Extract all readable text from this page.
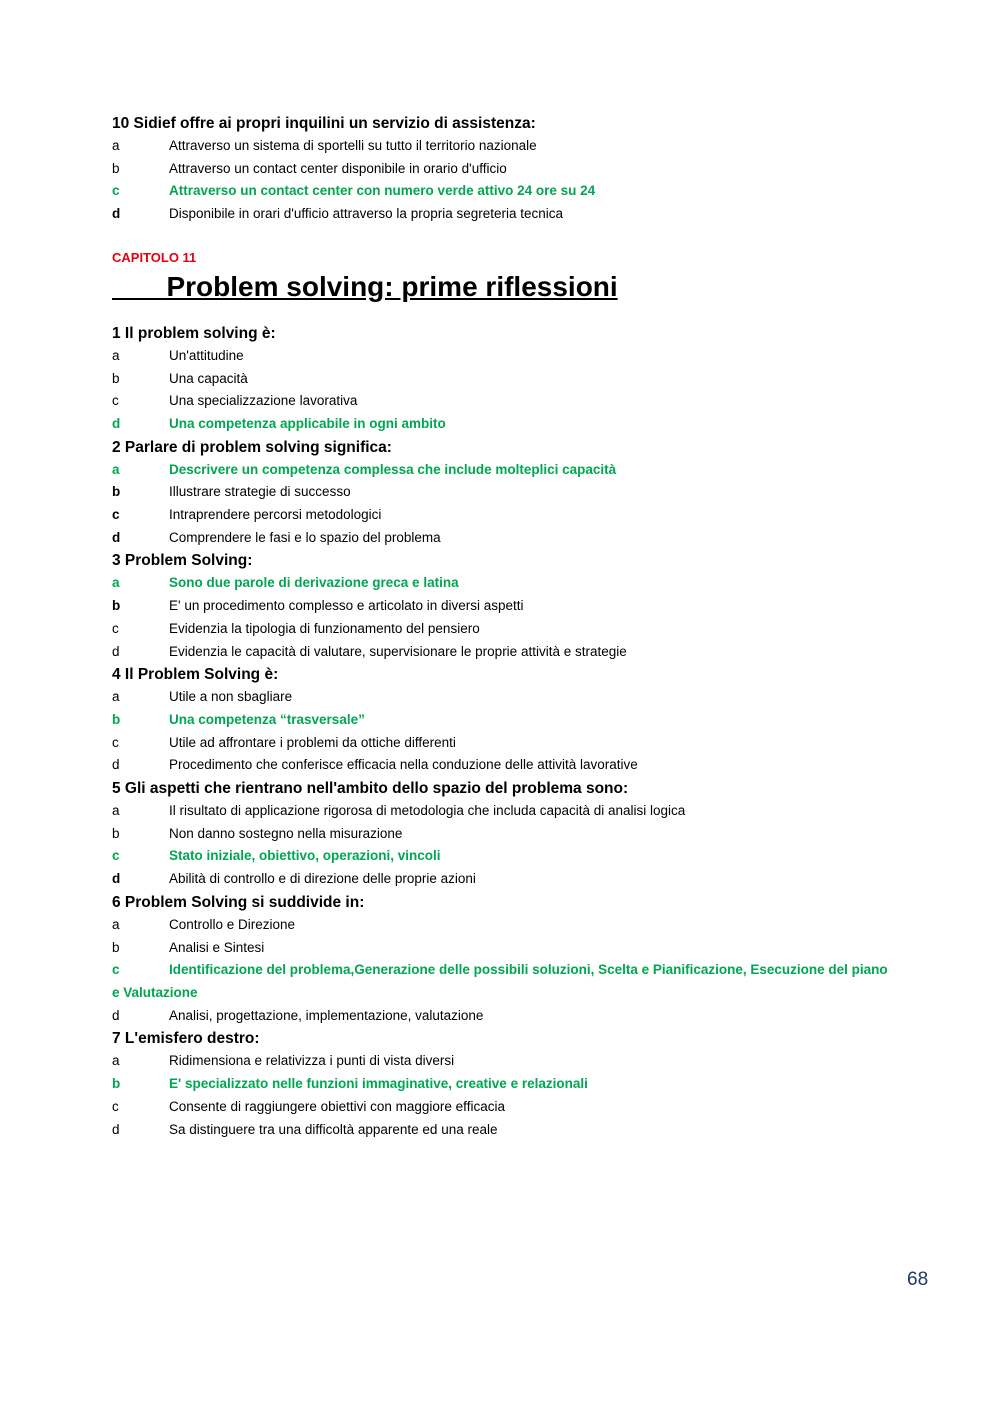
10 Sidief offre ai propri inquilini un servizio di assistenza:
a	Attraverso un sistema di sportelli su tutto il territorio nazionale
b	Attraverso un contact center disponibile in orario d'ufficio
c	Attraverso un contact center con numero verde attivo 24 ore su 24
d	Disponibile in orari d'ufficio attraverso la propria segreteria tecnica
CAPITOLO 11
Problem solving: prime riflessioni
1 Il problem solving è:
a	Un'attitudine
b	Una capacità
c	Una specializzazione lavorativa
d	Una competenza applicabile in ogni ambito
2 Parlare di problem solving significa:
a	Descrivere un competenza complessa che include molteplici capacità
b	Illustrare strategie di successo
c	Intraprendere percorsi metodologici
d	Comprendere le fasi e lo spazio del problema
3 Problem Solving:
a	Sono due parole di derivazione greca e latina
b	E' un procedimento complesso e articolato in diversi aspetti
c	Evidenzia la tipologia di funzionamento del pensiero
d	Evidenzia le capacità di valutare, supervisionare le proprie attività e strategie
4 Il Problem Solving è:
a	Utile a non sbagliare
b	Una competenza “trasversale”
c	Utile ad affrontare i problemi da ottiche differenti
d	Procedimento che conferisce efficacia nella conduzione delle attività lavorative
5 Gli aspetti che rientrano nell'ambito dello spazio del problema sono:
a	Il risultato di applicazione rigorosa di metodologia che includa capacità di analisi logica
b	Non danno sostegno nella misurazione
c	Stato iniziale, obiettivo, operazioni, vincoli
d	Abilità di controllo e di direzione delle proprie azioni
6 Problem Solving si suddivide in:
a	Controllo e Direzione
b	Analisi e Sintesi
c	Identificazione del problema,Generazione delle possibili soluzioni, Scelta e Pianificazione, Esecuzione del piano e Valutazione
d	Analisi, progettazione, implementazione, valutazione
7 L'emisfero destro:
a	Ridimensiona e relativizza i punti di vista diversi
b	E' specializzato nelle funzioni immaginative, creative e relazionali
c	Consente di raggiungere obiettivi con maggiore efficacia
d	Sa distinguere tra una difficoltà apparente ed una reale
68
